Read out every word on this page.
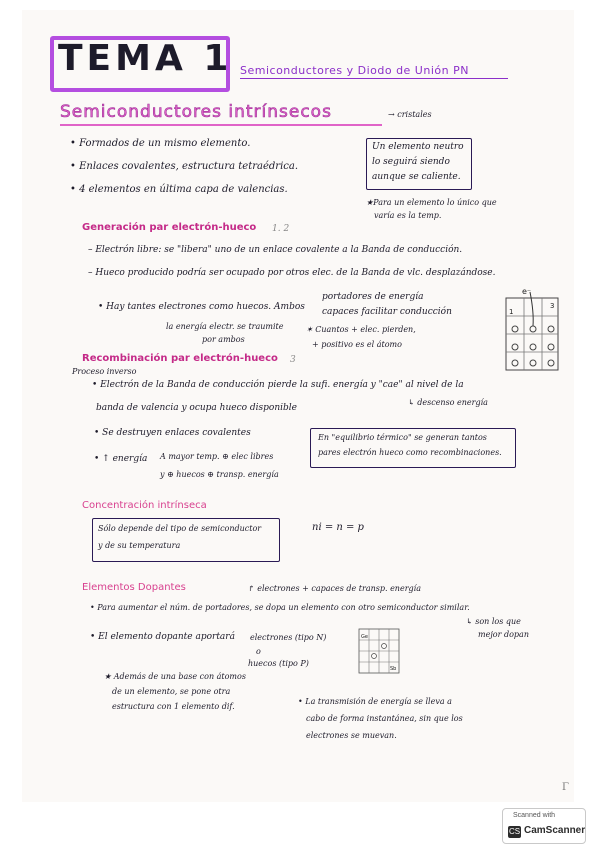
TEMA 1 Semiconductores y Diodo de Unión PN
Semiconductores intrínsecos	→ cristales
• Formados de un mismo elemento.
• Enlaces covalentes, estructura tetraédrica.
• 4 elementos en última capa de valencias.
Un elemento neutro
lo seguirá siendo
aunque se caliente.
★Para un elemento lo único que
varía es la temp.
Generación par electrón-hueco 1. 2
– Electrón libre: se "libera" uno de un enlace covalente a la Banda de conducción.
– Hueco producido podría ser ocupado por otros elec. de la Banda de vlc. desplazándose.
• Hay tantes electrones como huecos. Ambos
portadores de energía
capaces facilitar conducción
la energía electr. se traumite
por ambos
✶ Cuantos + elec. pierden,
+ positivo es el átomo
e⁻
3
1
Recombinación par electrón-hueco 3
Proceso inverso
• Electrón de la Banda de conducción pierde la sufi. energía y "cae" al nivel de la
banda de valencia y ocupa hueco disponible
↳ descenso energía
• Se destruyen enlaces covalentes
• ↑ energía A mayor temp. ⊕ elec libres
y ⊕ huecos ⊕ transp. energía
En "equilibrio térmico" se generan tantos
pares electrón hueco como recombinaciones.
Concentración intrínseca
Sólo depende del tipo de semiconductor
y de su temperatura
ni = n = p
Elementos Dopantes	↱ electrones + capaces de transp. energía
• Para aumentar el núm. de portadores, se dopa un elemento con otro semiconductor similar.
↳ son los que
mejor dopan
• El elemento dopante aportará electrones (tipo N)
o
huecos (tipo P)
Ge
Sb
★ Además de una base con átomos
de un elemento, se pone otra
estructura con 1 elemento dif.
• La transmisión de energía se lleva a
cabo de forma instantánea, sin que los
electrones se muevan.
Γ
Scanned with
CS CamScanner
